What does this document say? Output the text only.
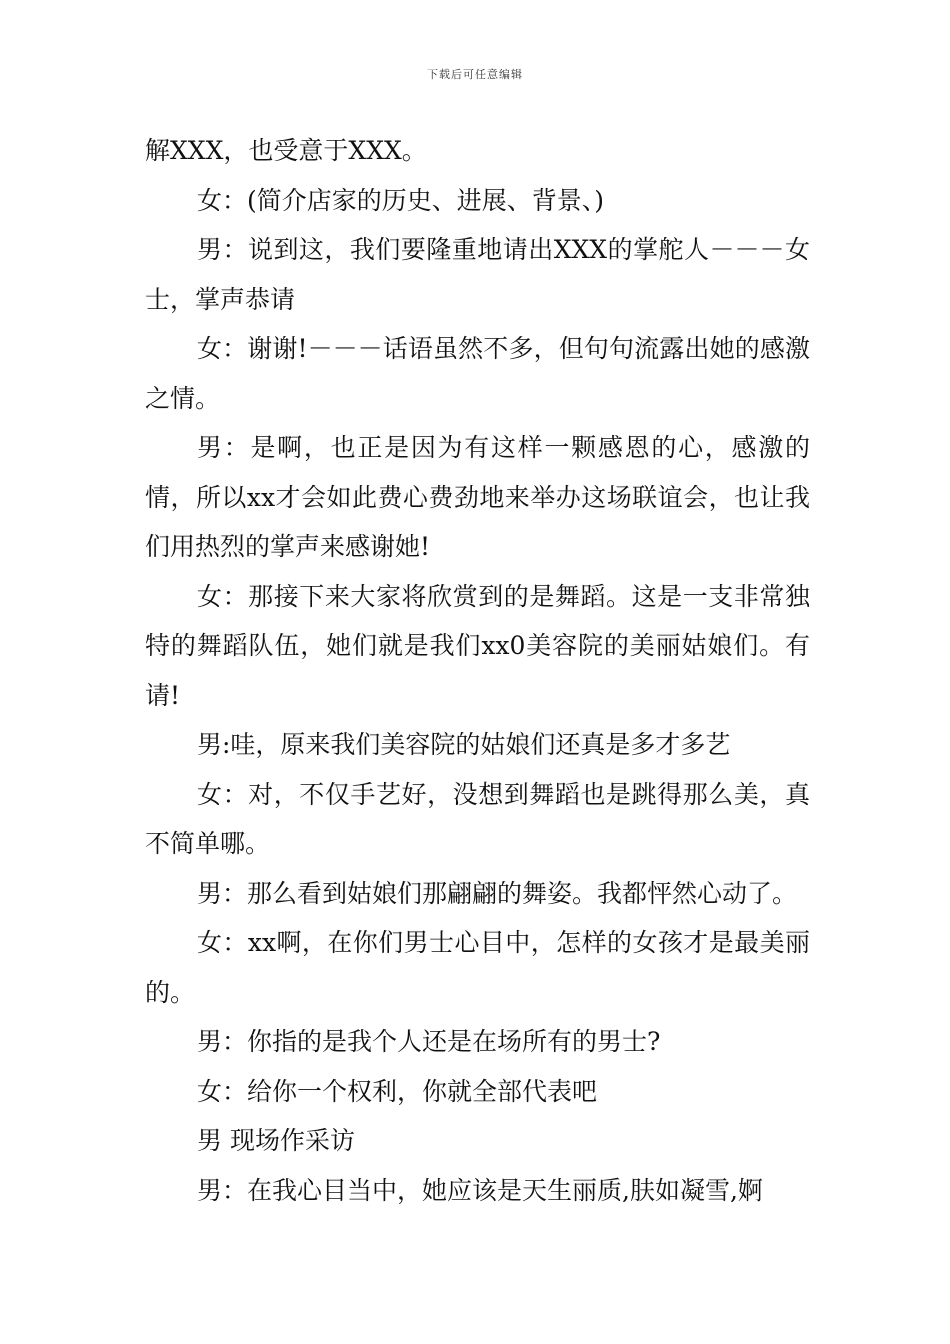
下载后可任意编辑

解XXX，也受意于XXX。

女：(简介店家的历史、进展、背景、)

男：说到这，我们要隆重地请出XXX的掌舵人－－－女士，掌声恭请

女：谢谢!－－－话语虽然不多，但句句流露出她的感激之情。

男：是啊，也正是因为有这样一颗感恩的心，感激的情，所以xx才会如此费心费劲地来举办这场联谊会，也让我们用热烈的掌声来感谢她!

女：那接下来大家将欣赏到的是舞蹈。这是一支非常独特的舞蹈队伍，她们就是我们xx0美容院的美丽姑娘们。有请!

男:哇，原来我们美容院的姑娘们还真是多才多艺

女：对，不仅手艺好，没想到舞蹈也是跳得那么美，真不简单哪。

男：那么看到姑娘们那翩翩的舞姿。我都怦然心动了。

女：xx啊，在你们男士心目中，怎样的女孩才是最美丽的。

男：你指的是我个人还是在场所有的男士?

女：给你一个权利，你就全部代表吧

男 现场作采访

男：在我心目当中，她应该是天生丽质,肤如凝雪,婀
